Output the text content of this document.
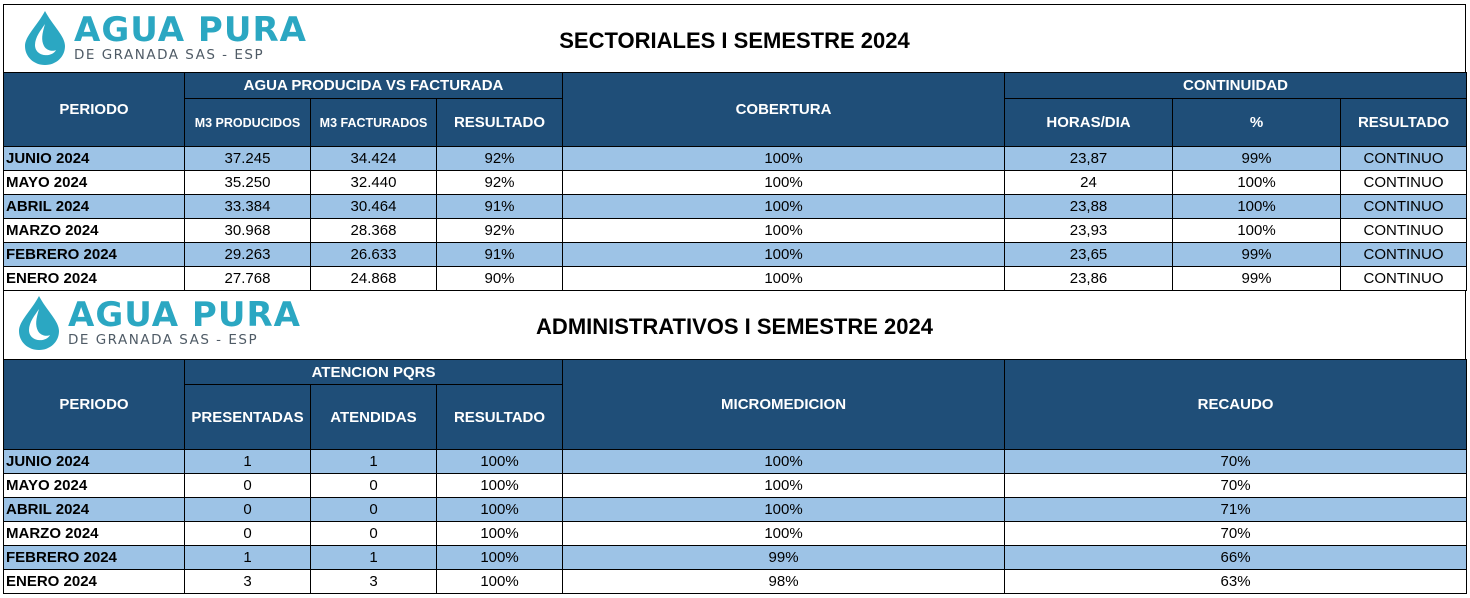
AGUA PURA
DE GRANADA SAS - ESP
SECTORIALES I SEMESTRE 2024
PERIODO	AGUA PRODUCIDA VS FACTURADA			COBERTURA	CONTINUIDAD		
	M3 PRODUCIDOS	M3 FACTURADOS	RESULTADO		HORAS/DIA	%	RESULTADO
JUNIO 2024	37.245	34.424	92%	100%	23,87	99%	CONTINUO
MAYO 2024	35.250	32.440	92%	100%	24	100%	CONTINUO
ABRIL 2024	33.384	30.464	91%	100%	23,88	100%	CONTINUO
MARZO 2024	30.968	28.368	92%	100%	23,93	100%	CONTINUO
FEBRERO 2024	29.263	26.633	91%	100%	23,65	99%	CONTINUO
ENERO 2024	27.768	24.868	90%	100%	23,86	99%	CONTINUO
AGUA PURA
DE GRANADA SAS - ESP
ADMINISTRATIVOS I SEMESTRE 2024
PERIODO	ATENCION PQRS			MICROMEDICION	RECAUDO
	PRESENTADAS	ATENDIDAS	RESULTADO		
JUNIO 2024	1	1	100%	100%	70%
MAYO 2024	0	0	100%	100%	70%
ABRIL 2024	0	0	100%	100%	71%
MARZO 2024	0	0	100%	100%	70%
FEBRERO 2024	1	1	100%	99%	66%
ENERO 2024	3	3	100%	98%	63%
